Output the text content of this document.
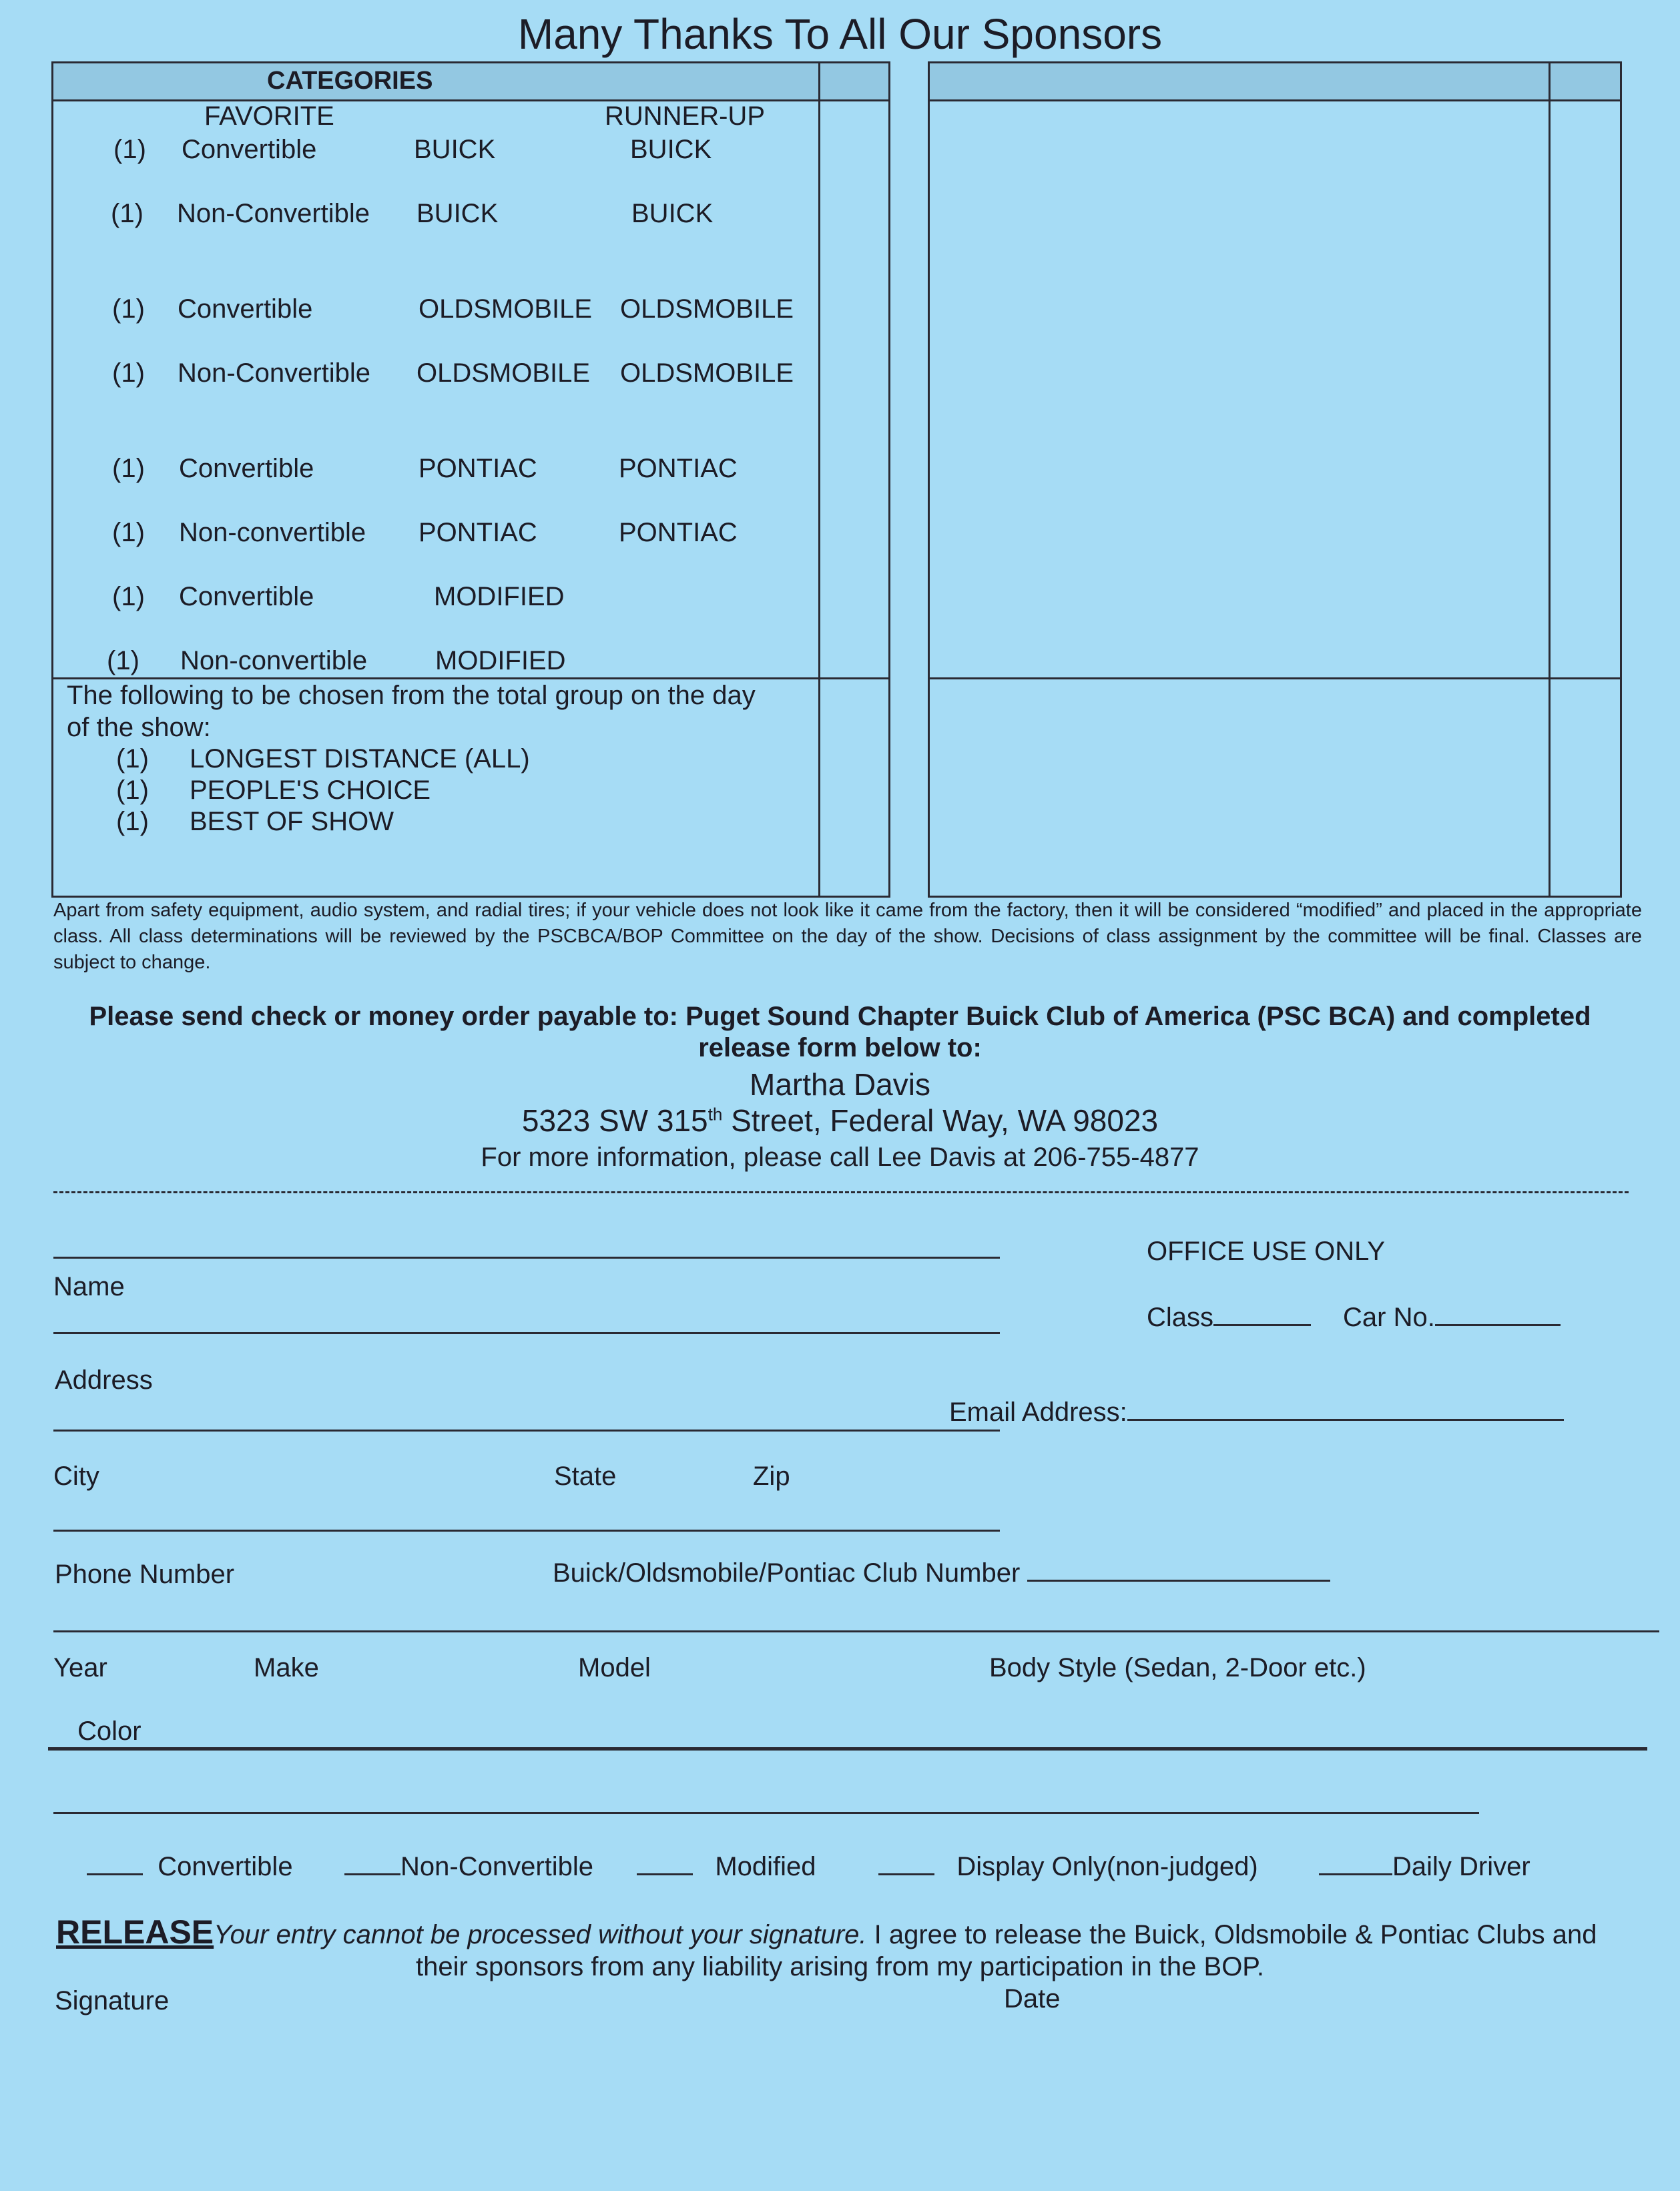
Many Thanks To All Our Sponsors
CATEGORIES
FAVORITE	RUNNER-UP
(1) Convertible	BUICK	BUICK
(1) Non-Convertible BUICK	BUICK
(1) Convertible	OLDSMOBILE OLDSMOBILE
(1) Non-Convertible OLDSMOBILE OLDSMOBILE
(1) Convertible	PONTIAC	PONTIAC
(1) Non-convertible PONTIAC	PONTIAC
(1) Convertible	MODIFIED
(1) Non-convertible	MODIFIED
The following to be chosen from the total group on the day
of the show:
(1) LONGEST DISTANCE (ALL)
(1) PEOPLE'S CHOICE
(1) BEST OF SHOW
Apart from safety equipment, audio system, and radial tires; if your vehicle does not look like it came from the factory, then it will be considered “modified” and placed in the appropriate class. All class determinations will be reviewed by the PSCBCA/BOP Committee on the day of the show. Decisions of class assignment by the committee will be final. Classes are subject to change.
Please send check or money order payable to: Puget Sound Chapter Buick Club of America (PSC BCA) and completed
release form below to:
Martha Davis
5323 SW 315th Street, Federal Way, WA 98023
For more information, please call Lee Davis at 206-755-4877
Name
OFFICE USE ONLY
Class	Car No.
Address
Email Address:
City	State	Zip
Phone Number	Buick/Oldsmobile/Pontiac Club Number
Year	Make	Model	Body Style (Sedan, 2-Door etc.)
Color
Convertible	Non-Convertible	Modified	Display Only(non-judged)	Daily Driver
RELEASEYour entry cannot be processed without your signature. I agree to release the Buick, Oldsmobile & Pontiac Clubs and
their sponsors from any liability arising from my participation in the BOP.
Signature	Date
